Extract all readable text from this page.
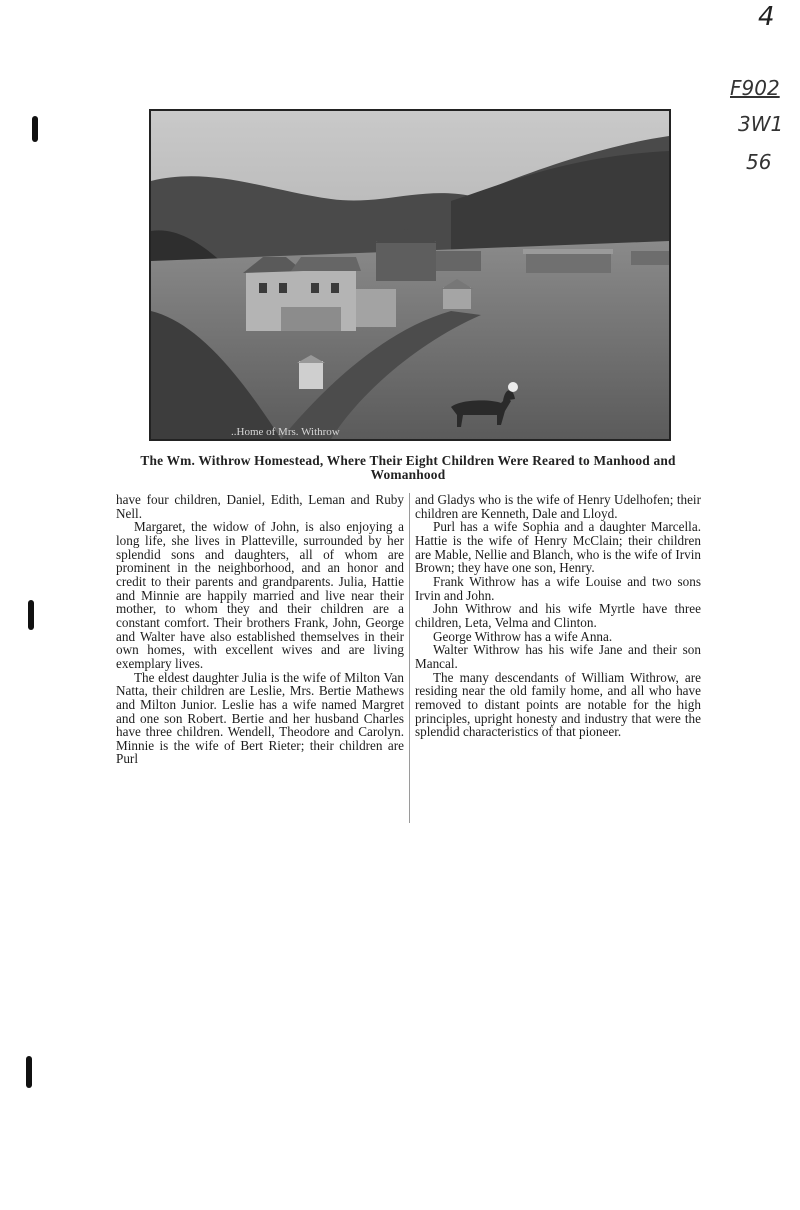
4
F902
3W1
56
..Home of Mrs. Withrow
The Wm. Withrow Homestead, Where Their Eight Children Were Reared to Manhood and Womanhood

have four children, Daniel, Edith, Leman and Ruby Nell.

Margaret, the widow of John, is also enjoying a long life, she lives in Platteville, surrounded by her splendid sons and daughters, all of whom are prominent in the neighborhood, and an honor and credit to their parents and grandparents. Julia, Hattie and Minnie are happily married and live near their mother, to whom they and their children are a constant comfort. Their brothers Frank, John, George and Walter have also established themselves in their own homes, with excellent wives and are living exemplary lives.

The eldest daughter Julia is the wife of Milton Van Natta, their children are Leslie, Mrs. Bertie Mathews and Milton Junior. Leslie has a wife named Margret and one son Robert. Bertie and her husband Charles have three children. Wendell, Theodore and Carolyn. Minnie is the wife of Bert Rieter; their children are Purl

and Gladys who is the wife of Henry Udelhofen; their children are Kenneth, Dale and Lloyd.

Purl has a wife Sophia and a daughter Marcella. Hattie is the wife of Henry McClain; their children are Mable, Nellie and Blanch, who is the wife of Irvin Brown; they have one son, Henry.

Frank Withrow has a wife Louise and two sons Irvin and John.

John Withrow and his wife Myrtle have three children, Leta, Velma and Clinton.

George Withrow has a wife Anna.

Walter Withrow has his wife Jane and their son Mancal.

The many descendants of William Withrow, are residing near the old family home, and all who have removed to distant points are notable for the high principles, upright honesty and industry that were the splendid characteristics of that pioneer.
